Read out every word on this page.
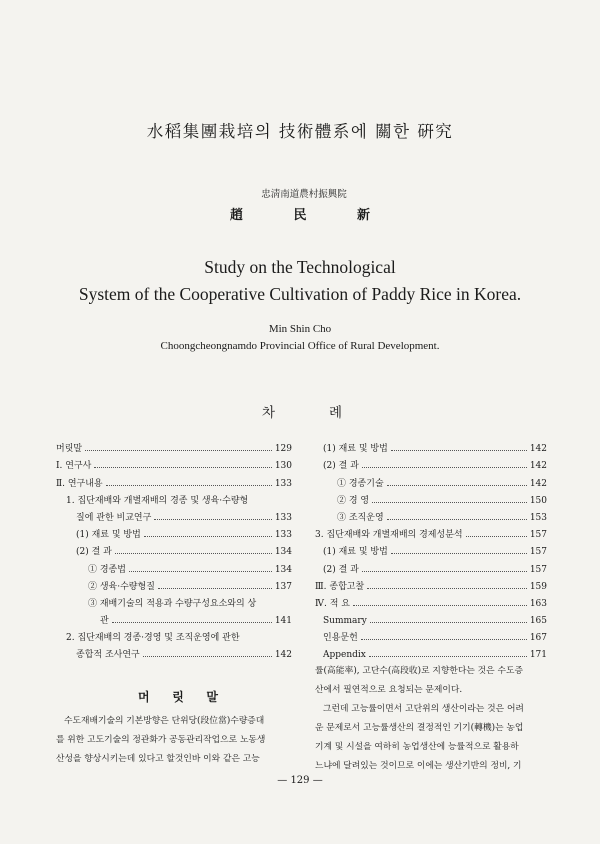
水稻集團栽培의 技術體系에 關한 硏究
忠淸南道農村振興院
趙	民	新
Study on the Technological
System of the Cooperative Cultivation of Paddy Rice in Korea.
Min Shin Cho
Choongcheongnamdo Provincial Office of Rural Development.
차	례
머릿말	129
Ⅰ. 연구사	130
Ⅱ. 연구내용	133
1. 집단재배와 개별재배의 경종 및 생육·수량형
질에 관한 비교연구	133
(1) 재료 및 방법	133
(2) 결 과	134
① 경종법	134
② 생육·수량형질	137
③ 재배기술의 적용과 수량구성요소와의 상
관	141
2. 집단재배의 경종·경영 및 조직운영에 관한
종합적 조사연구	142
(1) 재료 및 방법	142
(2) 결 과	142
① 경종기술	142
② 경 영	150
③ 조직운영	153
3. 집단재배와 개별재배의 경제성분석	157
(1) 재료 및 방법	157
(2) 결 과	157
Ⅲ. 종합고찰	159
Ⅳ. 적 요	163
Summary	165
인용문헌	167
Appendix	171
머 릿 말

수도재배기술의 기본방향은 단위당(段位當)수량증대

를 위한 고도기술의 정관화가 공동관리작업으로 노동생

산성을 향상시키는데 있다고 할것인바 이와 같은 고능

률(高能率), 고단수(高段收)로 지향한다는 것은 수도증

산에서 필연적으로 요청되는 문제이다.

그런데 고능률이면서 고단위의 생산이라는 것은 어려

운 문제로서 고능률생산의 결정적인 기기(轉機)는 농업

기계 및 시설을 여하히 농업생산에 능률적으로 활용하

느냐에 달려있는 것이므로 이에는 생산기반의 정비, 기

— 129 —
